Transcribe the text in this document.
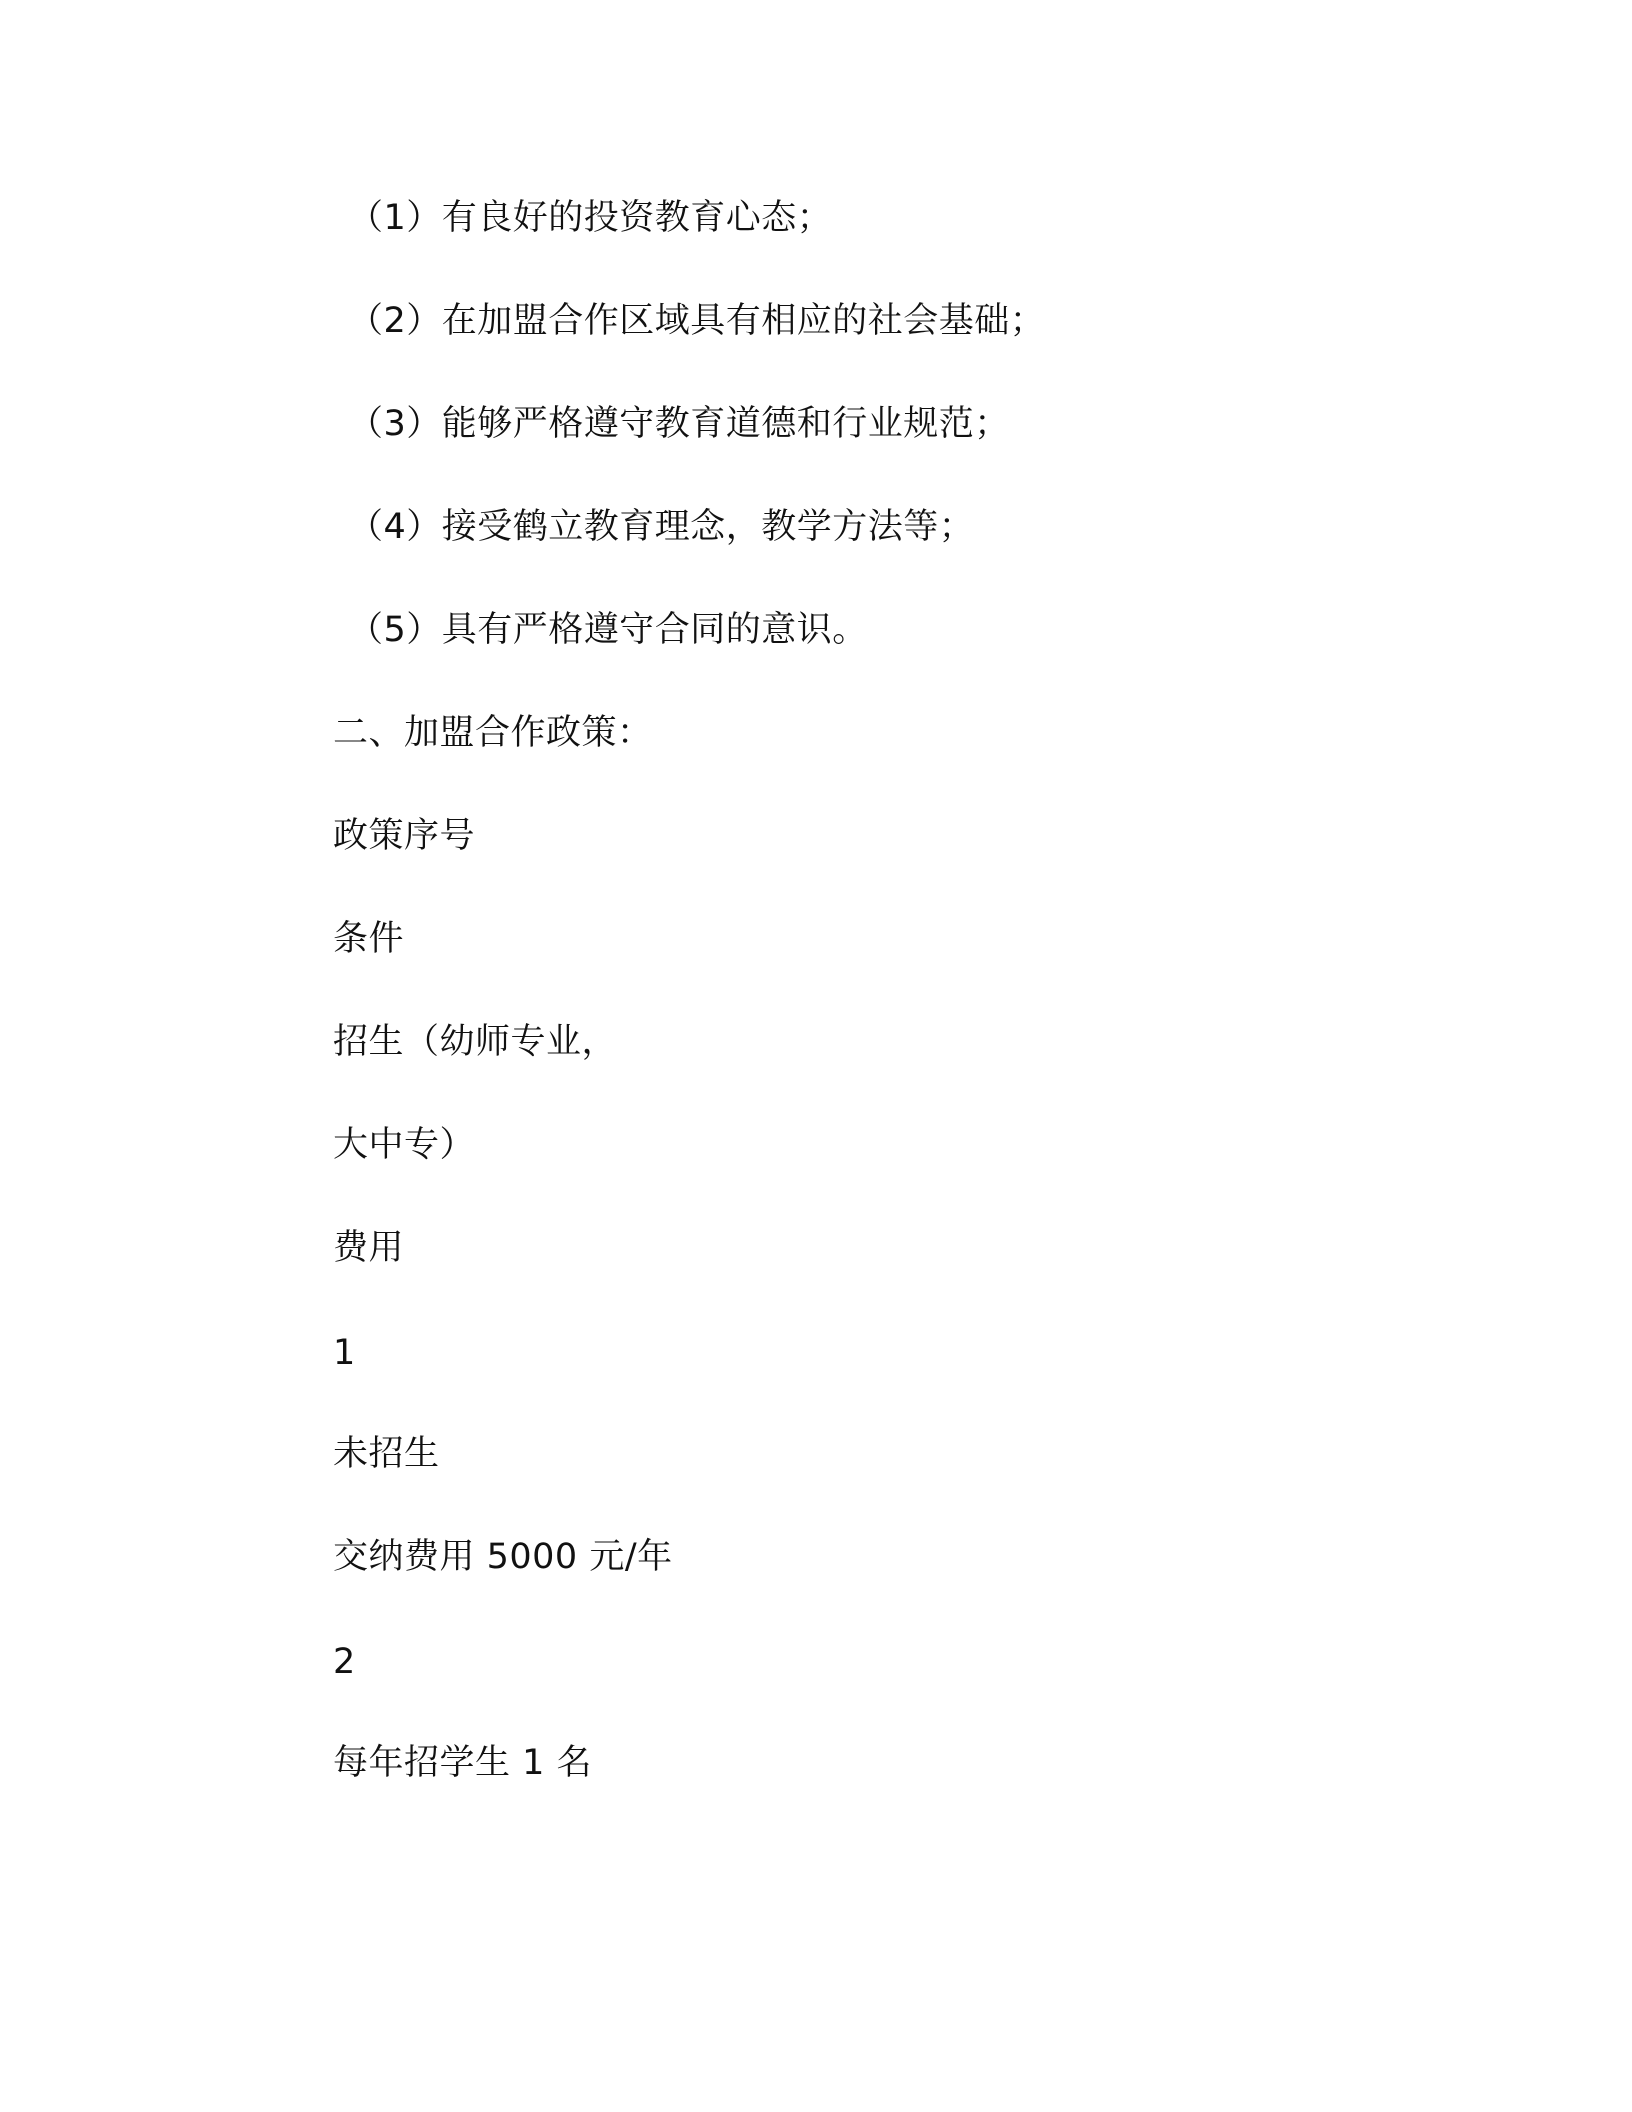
（1）有良好的投资教育心态；
（2）在加盟合作区域具有相应的社会基础；
（3）能够严格遵守教育道德和行业规范；
（4）接受鹤立教育理念，教学方法等；
（5）具有严格遵守合同的意识。
二、加盟合作政策：
政策序号
条件
招生（幼师专业，
大中专）
费用
1
未招生
交纳费用 5000 元/年
2
每年招学生 1 名
